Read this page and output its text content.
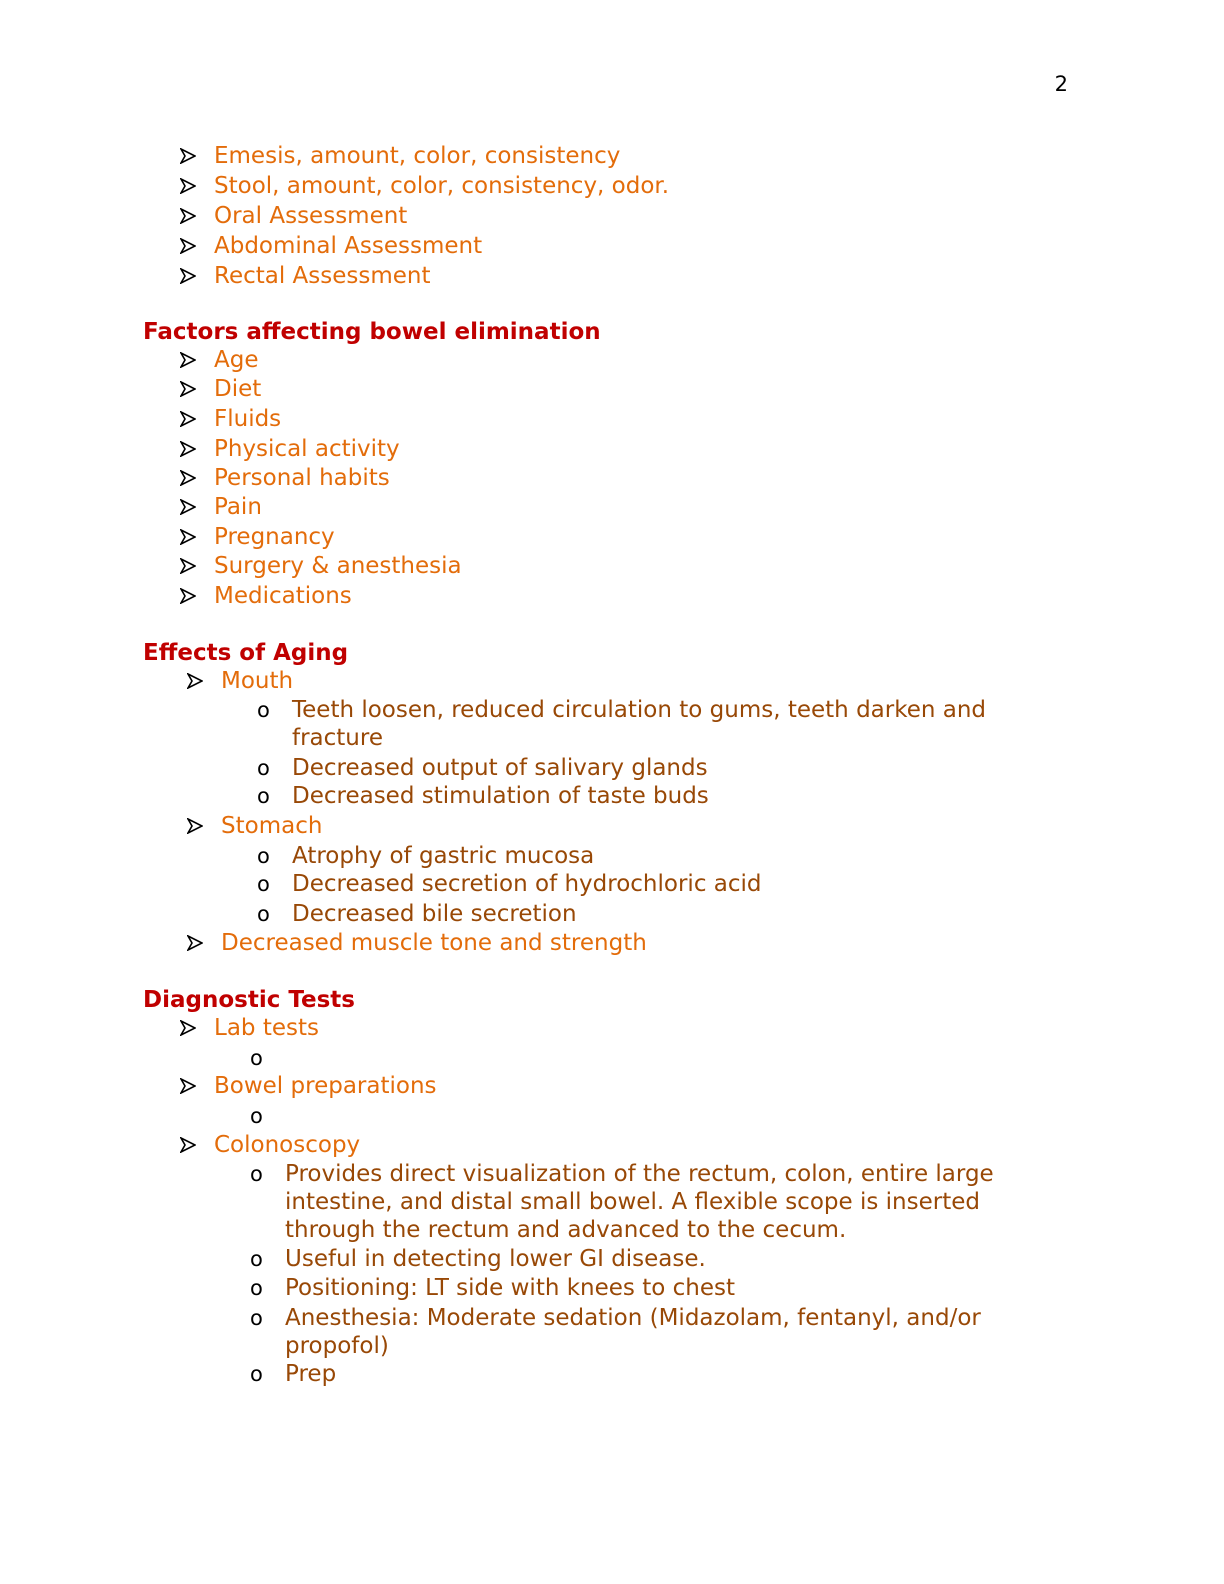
2
Emesis, amount, color, consistency
Stool, amount, color, consistency, odor.
Oral Assessment
Abdominal Assessment
Rectal Assessment
Factors affecting bowel elimination
Age
Diet
Fluids
Physical activity
Personal habits
Pain
Pregnancy
Surgery & anesthesia
Medications
Effects of Aging
Mouth
o Teeth loosen, reduced circulation to gums, teeth darken and fracture
o Decreased output of salivary glands
o Decreased stimulation of taste buds
Stomach
o Atrophy of gastric mucosa
o Decreased secretion of hydrochloric acid
o Decreased bile secretion
Decreased muscle tone and strength
Diagnostic Tests
Lab tests
o
Bowel preparations
o
Colonoscopy
o Provides direct visualization of the rectum, colon, entire large intestine, and distal small bowel. A flexible scope is inserted through the rectum and advanced to the cecum.
o Useful in detecting lower GI disease.
o Positioning: LT side with knees to chest
o Anesthesia: Moderate sedation (Midazolam, fentanyl, and/or propofol)
o Prep
